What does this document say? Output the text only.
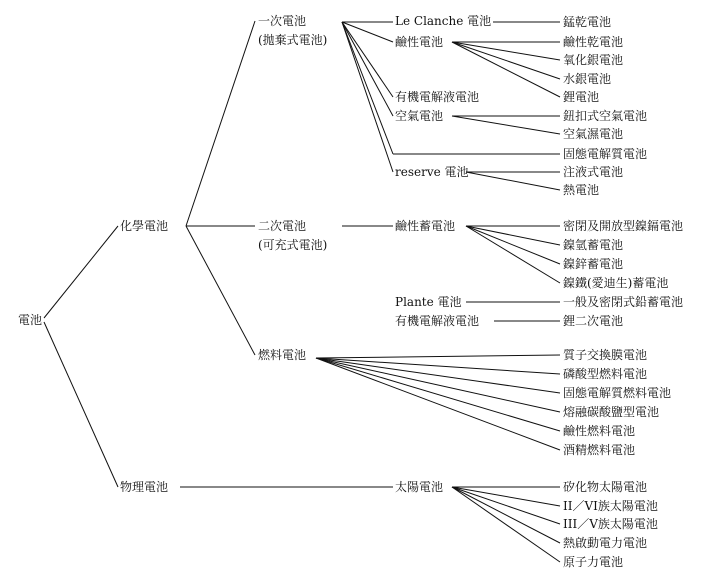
電池
化學電池
物理電池
一次電池
(拋棄式電池)
二次電池
(可充式電池)
燃料電池
Le Clanche 電池
鹼性電池
有機電解液電池
空氣電池
reserve 電池
鹼性蓄電池
Plante 電池
有機電解液電池
太陽電池
錳乾電池
鹼性乾電池
氧化銀電池
水銀電池
鋰電池
鈕扣式空氣電池
空氣濕電池
固態電解質電池
注液式電池
熱電池
密閉及開放型鎳鎘電池
鎳氫蓄電池
鎳鋅蓄電池
鎳鐵(愛迪生)蓄電池
一般及密閉式鉛蓄電池
鋰二次電池
質子交換膜電池
磷酸型燃料電池
固態電解質燃料電池
熔融碳酸鹽型電池
鹼性燃料電池
酒精燃料電池
矽化物太陽電池
II／VI族太陽電池
III／V族太陽電池
熱啟動電力電池
原子力電池
